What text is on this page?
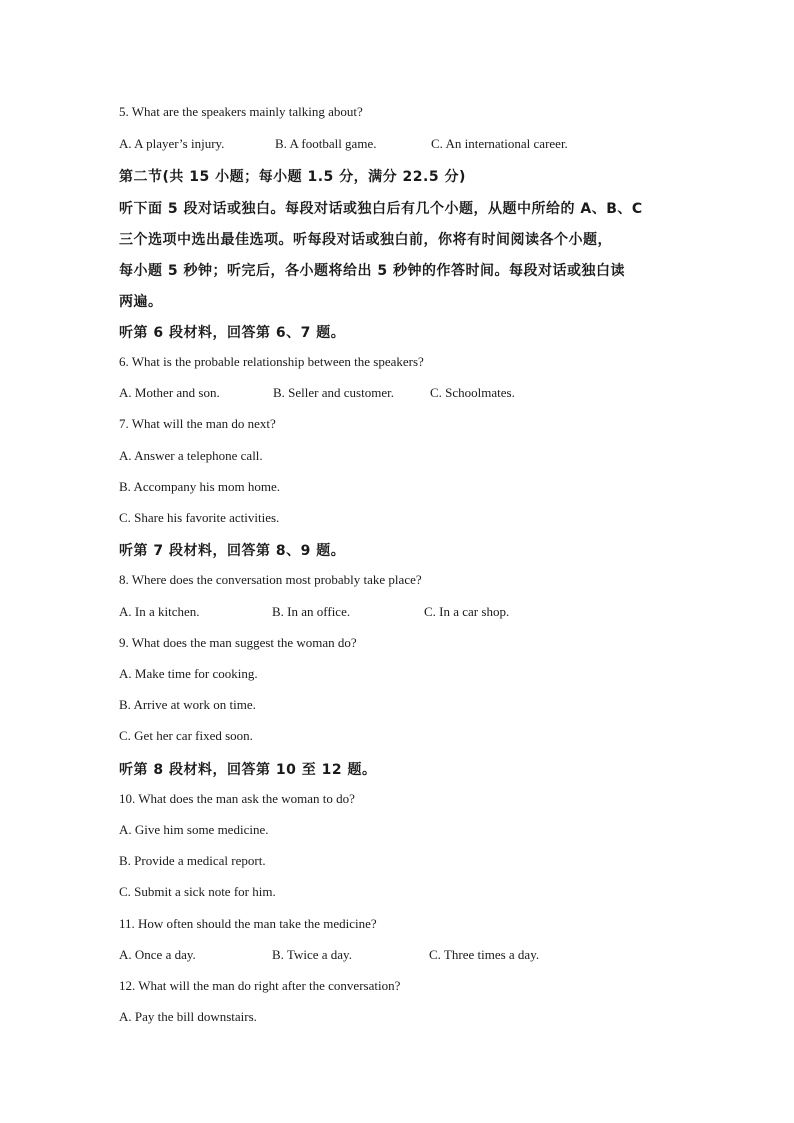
5. What are the speakers mainly talking about?
A. A player’s injury.	B. A football game.	C. An international career.
第二节(共 15 小题；每小题 1.5 分，满分 22.5 分)
听下面 5 段对话或独白。每段对话或独白后有几个小题，从题中所给的 A、B、C
三个选项中选出最佳选项。听每段对话或独白前，你将有时间阅读各个小题，
每小题 5 秒钟；听完后，各小题将给出 5 秒钟的作答时间。每段对话或独白读
两遍。
听第 6 段材料，回答第 6、7 题。
6. What is the probable relationship between the speakers?
A. Mother and son.	B. Seller and customer.	C. Schoolmates.
7. What will the man do next?
A. Answer a telephone call.
B. Accompany his mom home.
C. Share his favorite activities.
听第 7 段材料，回答第 8、9 题。
8. Where does the conversation most probably take place?
A. In a kitchen.	B. In an office.	C. In a car shop.
9. What does the man suggest the woman do?
A. Make time for cooking.
B. Arrive at work on time.
C. Get her car fixed soon.
听第 8 段材料，回答第 10 至 12 题。
10. What does the man ask the woman to do?
A. Give him some medicine.
B. Provide a medical report.
C. Submit a sick note for him.
11. How often should the man take the medicine?
A. Once a day.	B. Twice a day.	C. Three times a day.
12. What will the man do right after the conversation?
A. Pay the bill downstairs.
